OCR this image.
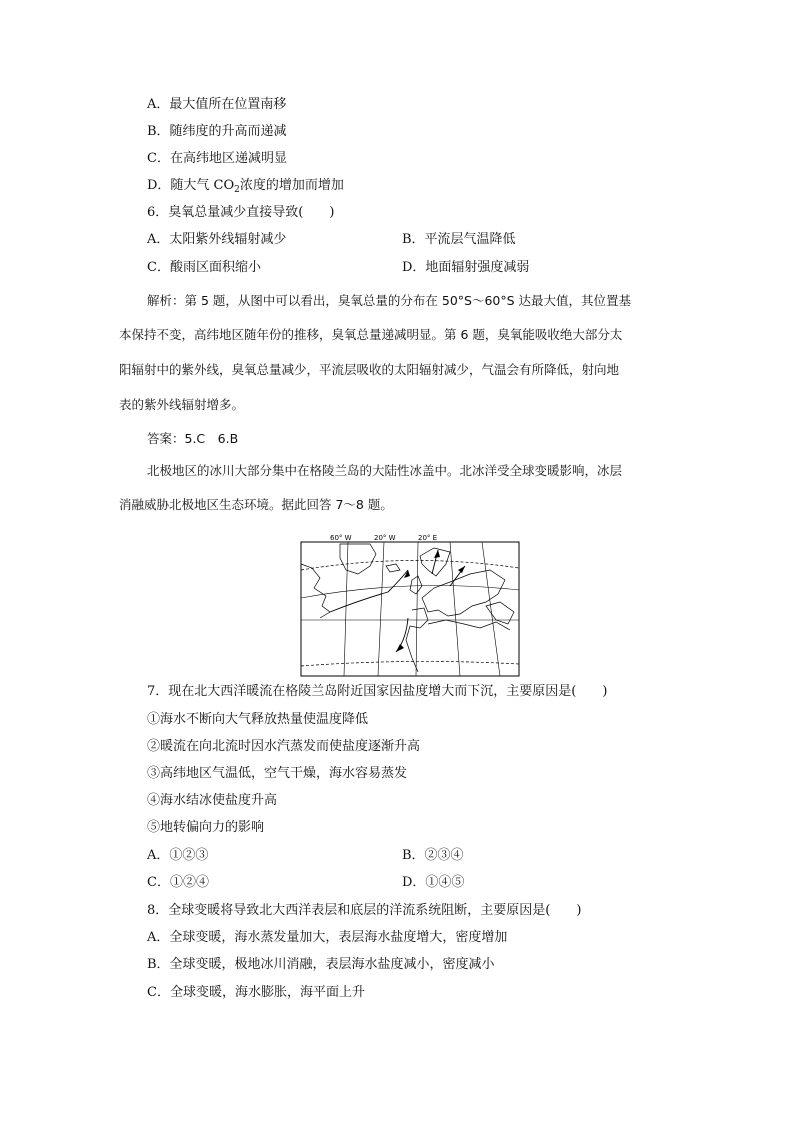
A．最大值所在位置南移
B．随纬度的升高而递减
C．在高纬地区递减明显
D．随大气 $CO_2$浓度的增加而增加
6．臭氧总量减少直接导致(　　)
A．太阳紫外线辐射减少	B．平流层气温降低
C．酸雨区面积缩小	D．地面辐射强度减弱
解析：第 5 题，从图中可以看出，臭氧总量的分布在 50°S～60°S 达最大值，其位置基
本保持不变，高纬地区随年份的推移，臭氧总量递减明显。第 6 题，臭氧能吸收绝大部分太
阳辐射中的紫外线，臭氧总量减少，平流层吸收的太阳辐射减少，气温会有所降低，射向地
表的紫外线辐射增多。
答案：5.C　6.B
北极地区的冰川大部分集中在格陵兰岛的大陆性冰盖中。北冰洋受全球变暖影响，冰层
消融威胁北极地区生态环境。据此回答 7～8 题。
60° W	20° W	20° E
7．现在北大西洋暖流在格陵兰岛附近国家因盐度增大而下沉，主要原因是(　　)
①海水不断向大气释放热量使温度降低
②暖流在向北流时因水汽蒸发而使盐度逐渐升高
③高纬地区气温低，空气干燥，海水容易蒸发
④海水结冰使盐度升高
⑤地转偏向力的影响
A．①②③	B．②③④
C．①②④	D．①④⑤
8．全球变暖将导致北大西洋表层和底层的洋流系统阻断，主要原因是(　　)
A．全球变暖，海水蒸发量加大，表层海水盐度增大，密度增加
B．全球变暖，极地冰川消融，表层海水盐度减小，密度减小
C．全球变暖，海水膨胀，海平面上升
